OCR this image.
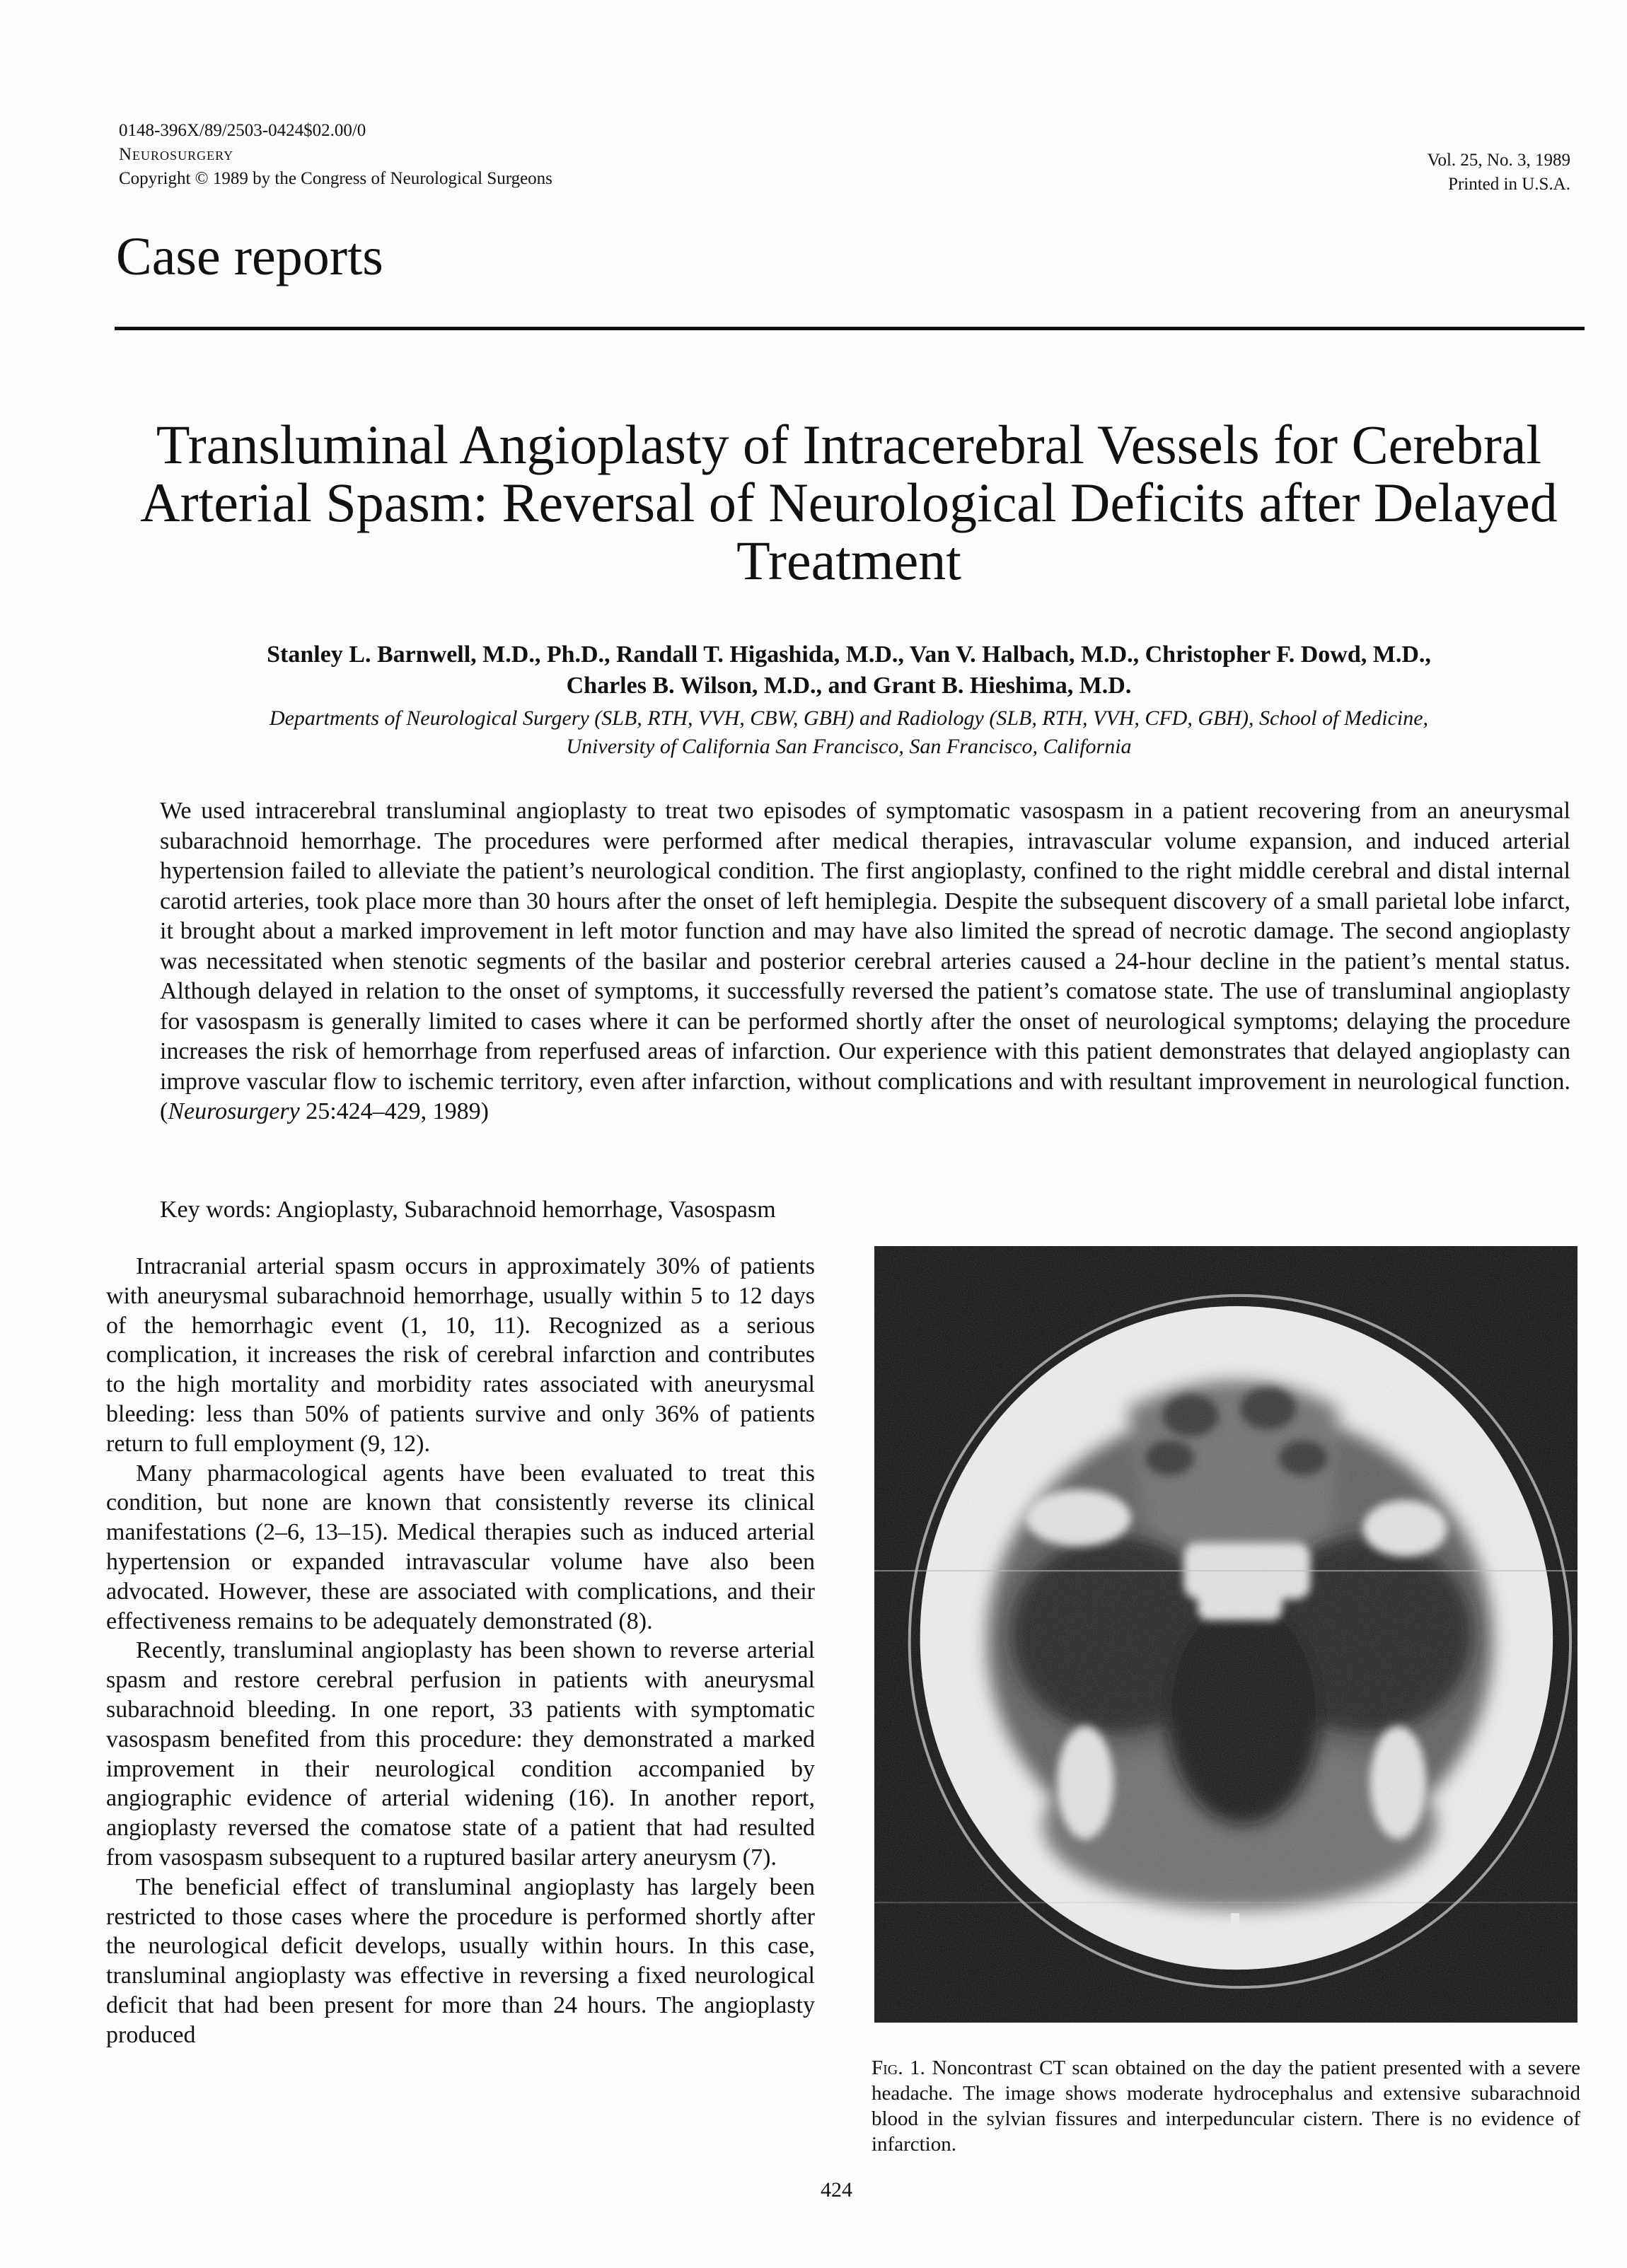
0148-396X/89/2503-0424$02.00/0
Neurosurgery
Copyright © 1989 by the Congress of Neurological Surgeons
Vol. 25, No. 3, 1989
Printed in U.S.A.
Case reports
Transluminal Angioplasty of Intracerebral Vessels for Cerebral Arterial Spasm: Reversal of Neurological Deficits after Delayed Treatment
Stanley L. Barnwell, M.D., Ph.D., Randall T. Higashida, M.D., Van V. Halbach, M.D., Christopher F. Dowd, M.D.,
Charles B. Wilson, M.D., and Grant B. Hieshima, M.D.
Departments of Neurological Surgery (SLB, RTH, VVH, CBW, GBH) and Radiology (SLB, RTH, VVH, CFD, GBH), School of Medicine,
University of California San Francisco, San Francisco, California
We used intracerebral transluminal angioplasty to treat two episodes of symptomatic vasospasm in a patient recovering from an aneurysmal subarachnoid hemorrhage. The procedures were performed after medical therapies, intravascular volume expansion, and induced arterial hypertension failed to alleviate the patient’s neurological condition. The first angioplasty, confined to the right middle cerebral and distal internal carotid arteries, took place more than 30 hours after the onset of left hemiplegia. Despite the subsequent discovery of a small parietal lobe infarct, it brought about a marked improvement in left motor function and may have also limited the spread of necrotic damage. The second angioplasty was necessitated when stenotic segments of the basilar and posterior cerebral arteries caused a 24-hour decline in the patient’s mental status. Although delayed in relation to the onset of symptoms, it successfully reversed the patient’s comatose state. The use of transluminal angioplasty for vasospasm is generally limited to cases where it can be performed shortly after the onset of neurological symptoms; delaying the procedure increases the risk of hemorrhage from reperfused areas of infarction. Our experience with this patient demonstrates that delayed angioplasty can improve vascular flow to ischemic territory, even after infarction, without complications and with resultant improvement in neurological function. (Neurosurgery 25:424–429, 1989)
Key words: Angioplasty, Subarachnoid hemorrhage, Vasospasm

Intracranial arterial spasm occurs in approximately 30% of patients with aneurysmal subarachnoid hemorrhage, usually within 5 to 12 days of the hemorrhagic event (1, 10, 11). Recognized as a serious complication, it increases the risk of cerebral infarction and contributes to the high mortality and morbidity rates associated with aneurysmal bleeding: less than 50% of patients survive and only 36% of patients return to full employment (9, 12).

Many pharmacological agents have been evaluated to treat this condition, but none are known that consistently reverse its clinical manifestations (2–6, 13–15). Medical therapies such as induced arterial hypertension or expanded intravascular volume have also been advocated. However, these are associated with complications, and their effectiveness remains to be adequately demonstrated (8).

Recently, transluminal angioplasty has been shown to reverse arterial spasm and restore cerebral perfusion in patients with aneurysmal subarachnoid bleeding. In one report, 33 patients with symptomatic vasospasm benefited from this procedure: they demonstrated a marked improvement in their neurological condition accompanied by angiographic evidence of arterial widening (16). In another report, angioplasty reversed the comatose state of a patient that had resulted from vasospasm subsequent to a ruptured basilar artery aneurysm (7).

The beneficial effect of transluminal angioplasty has largely been restricted to those cases where the procedure is performed shortly after the neurological deficit develops, usually within hours. In this case, transluminal angioplasty was effective in reversing a fixed neurological deficit that had been present for more than 24 hours. The angioplasty produced

Fig. 1. Noncontrast CT scan obtained on the day the patient presented with a severe headache. The image shows moderate hydrocephalus and extensive subarachnoid blood in the sylvian fissures and interpeduncular cistern. There is no evidence of infarction.
424
